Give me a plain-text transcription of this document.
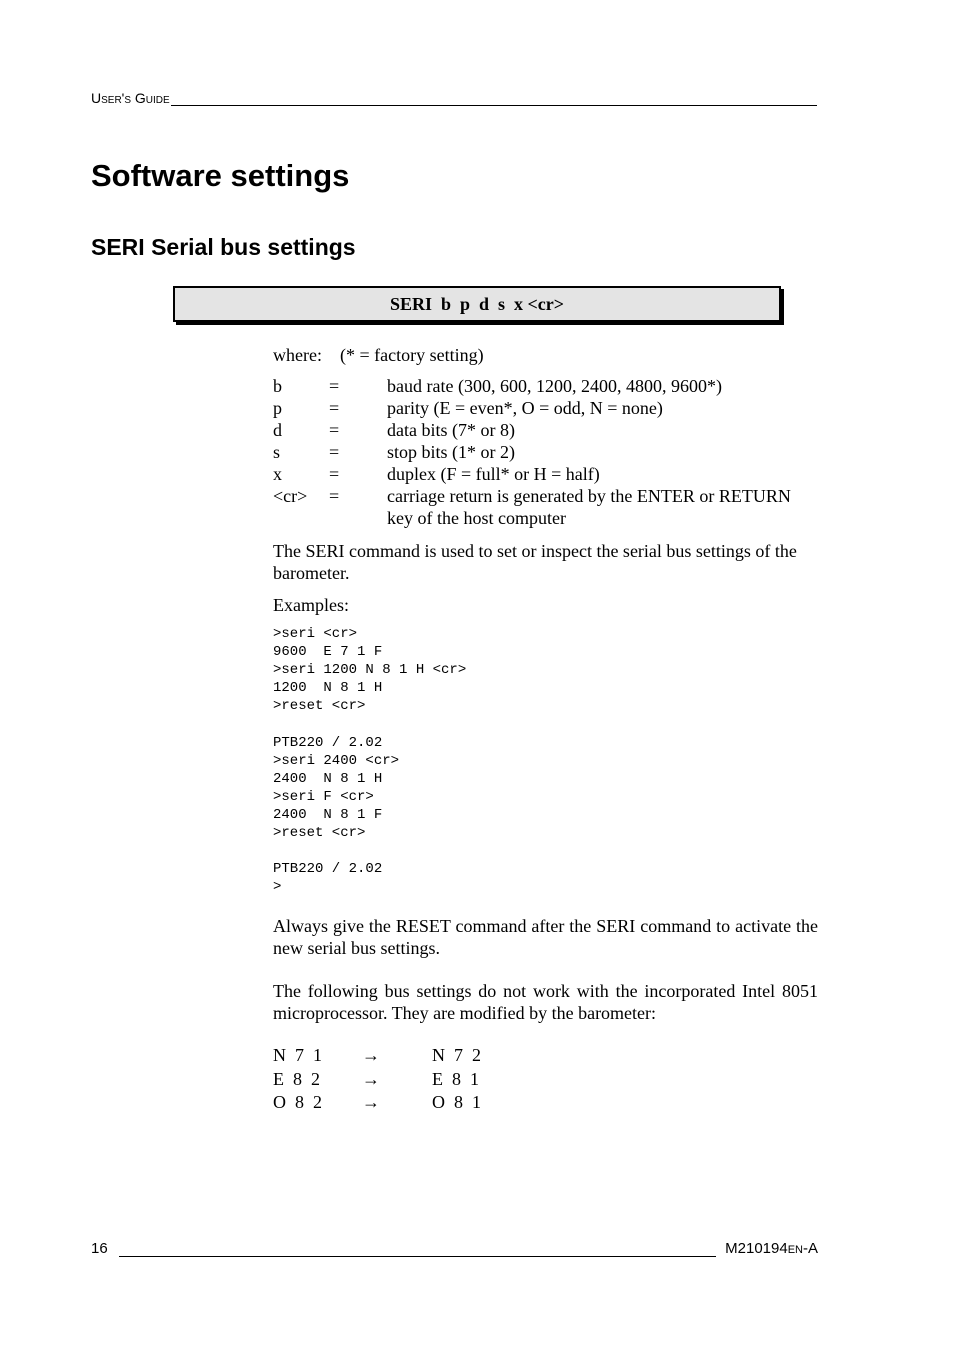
User's Guide
Software settings
SERI Serial bus settings
SERI  b  p  d  s  x <cr>
where:    (* = factory setting)
b	=	baud rate (300, 600, 1200, 2400, 4800, 9600*)
p	=	parity (E = even*, O = odd, N = none)
d	=	data bits (7* or 8)
s	=	stop bits (1* or 2)
x	=	duplex (F = full* or H = half)
<cr>	=	carriage return is generated by the ENTER or RETURN key of the host computer
The SERI command is used to set or inspect the serial bus settings of the barometer.
Examples:
>seri <cr>
9600  E 7 1 F
>seri 1200 N 8 1 H <cr>
1200  N 8 1 H
>reset <cr>
PTB220 / 2.02
>seri 2400 <cr>
2400  N 8 1 H
>seri F <cr>
2400  N 8 1 F
>reset <cr>
PTB220 / 2.02
>
Always give the RESET command after the SERI command to activate the new serial bus settings.
The following bus settings do not work with the incorporated Intel 8051 microprocessor. They are modified by the barometer:
N  7  1	→	N  7  2
E  8  2	→	E  8  1
O  8  2	→	O  8  1
16	M210194en-A
